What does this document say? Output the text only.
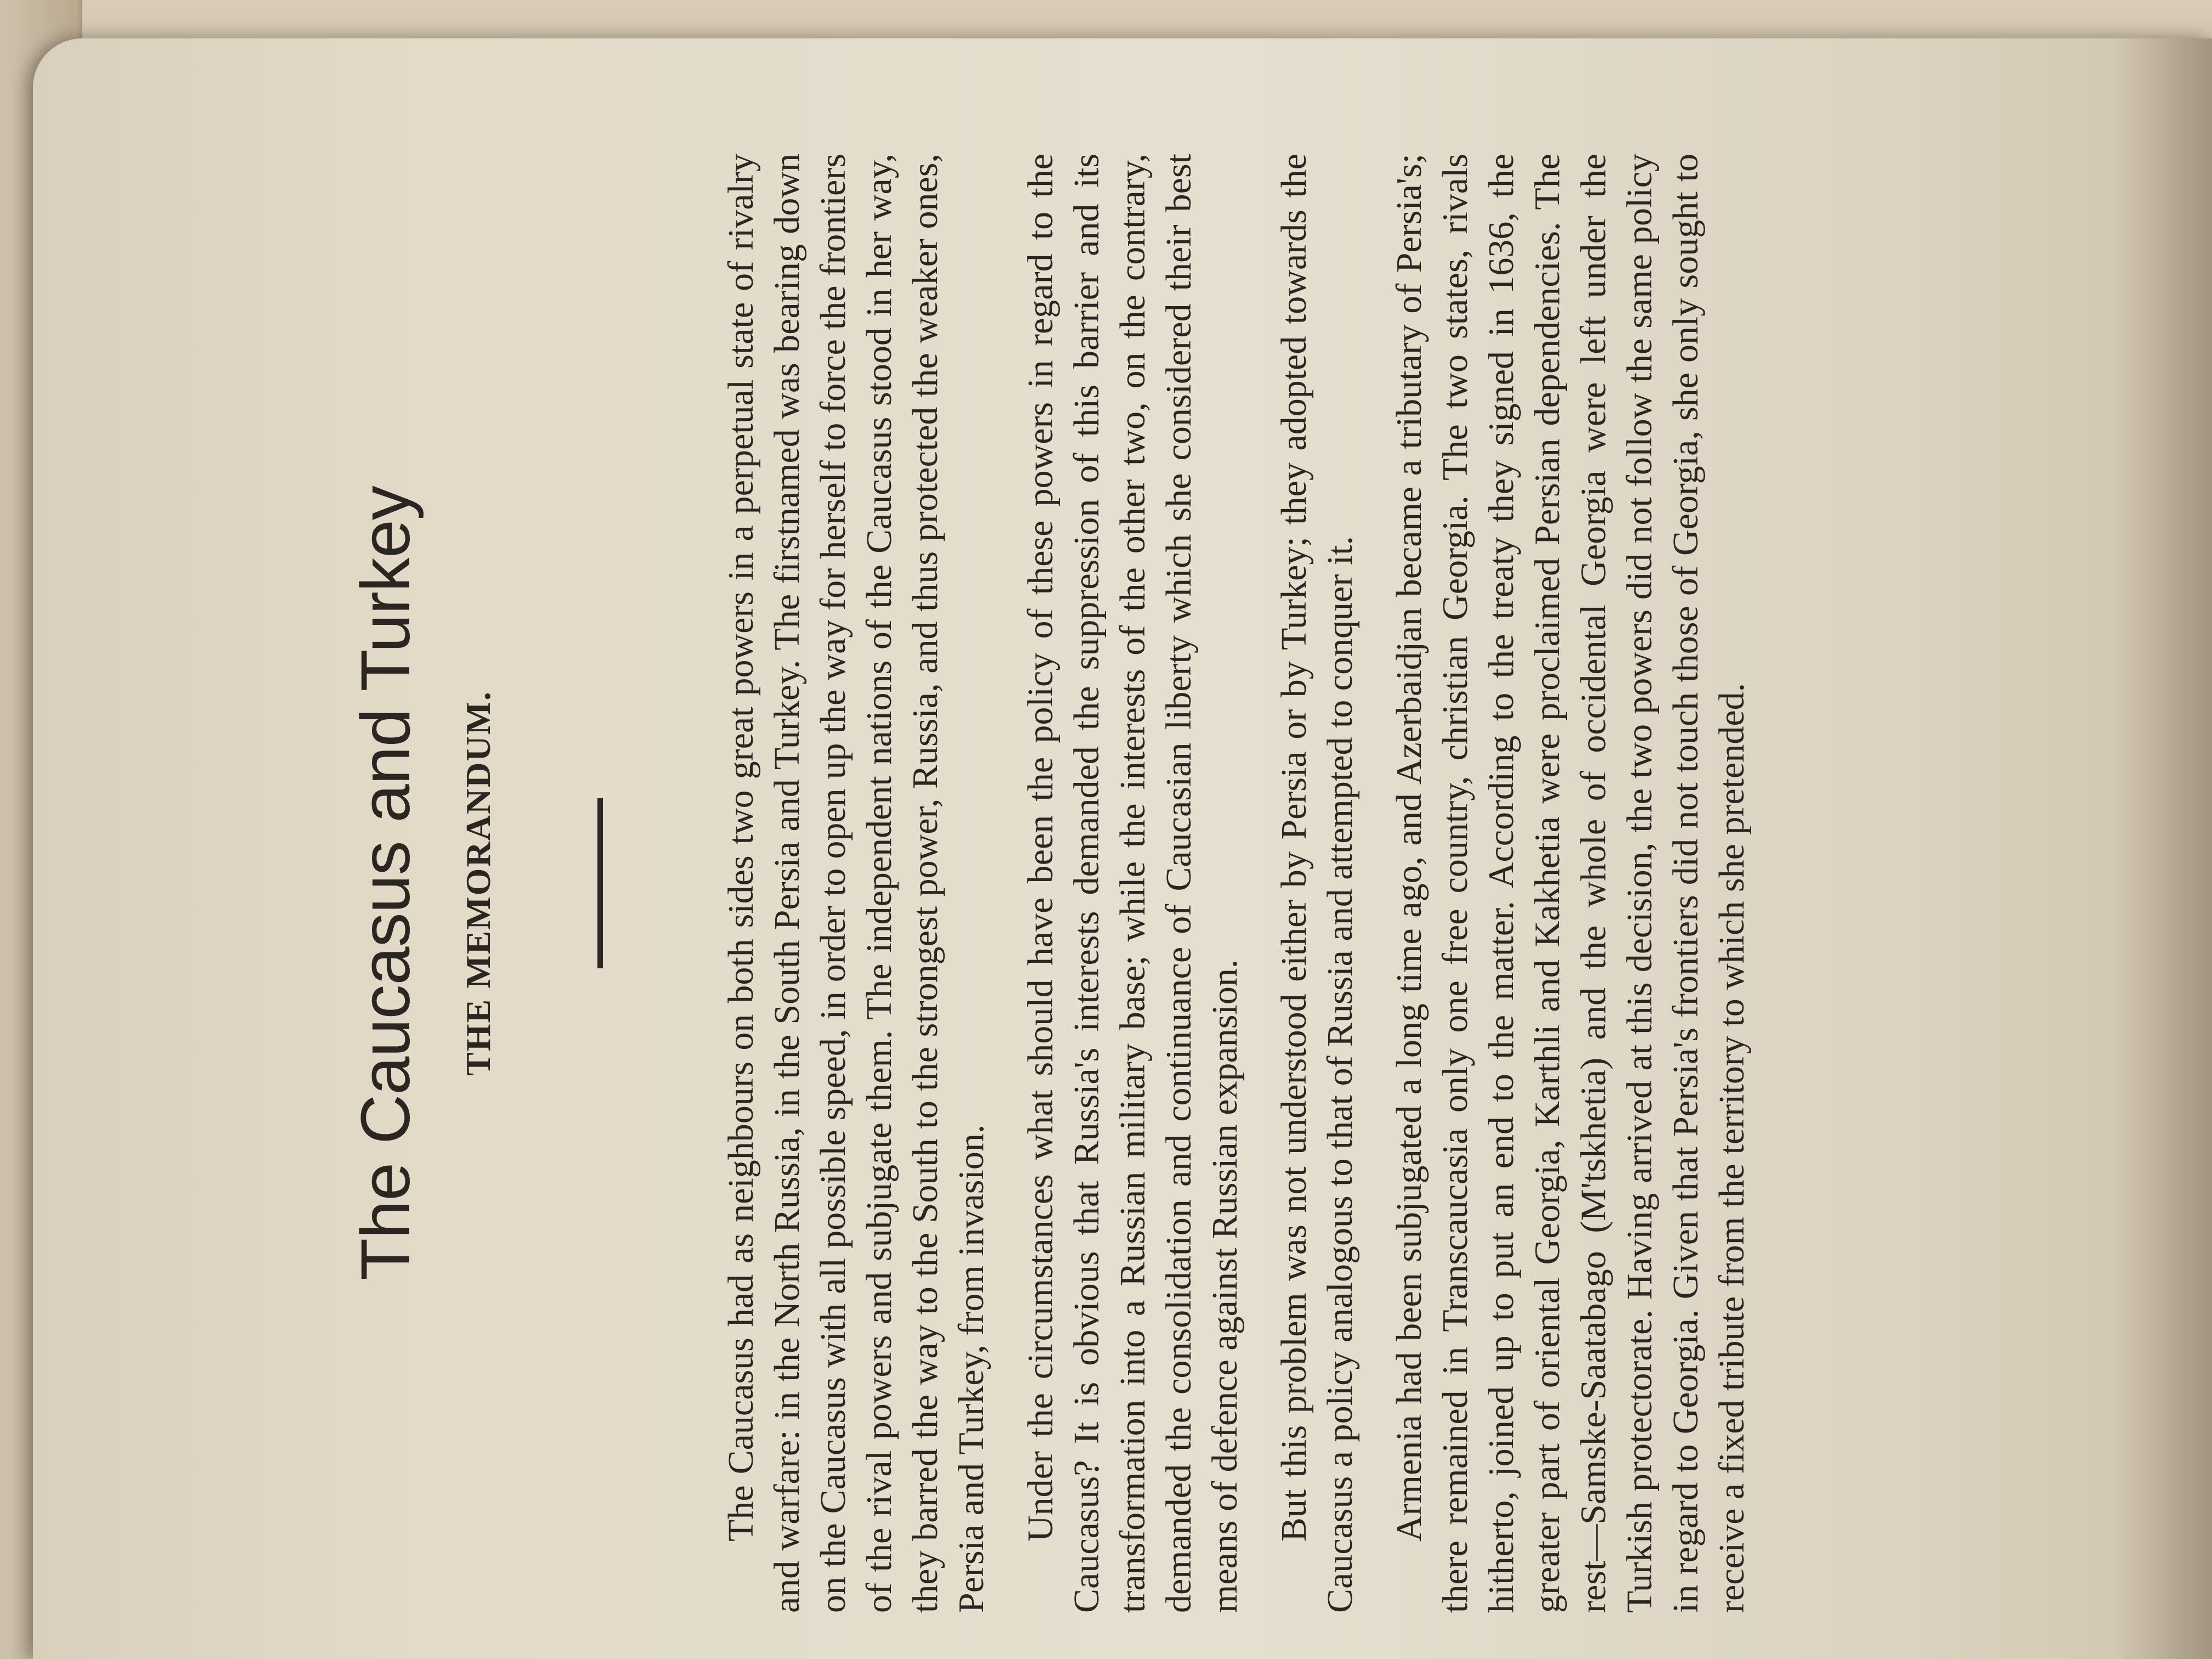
The Caucasus and Turkey THE MEMORANDUM.	The Caucasus had as neighbours on both sides two great powers in a perpetual state of rivalry and warfare: in the North Russia, in the South Persia and Turkey. The firstnamed was bearing down on the Caucasus with all possible speed, in order to open up the way for herself to force the frontiers of the rival powers and subjugate them. The independent nations of the Caucasus stood in her way, they barred the way to the South to the strongest power, Russia, and thus protected the weaker ones, Persia and Turkey, from invasion. Under the circumstances what should have been the policy of these powers in regard to the Caucasus? It is obvious that Russia's interests demanded the suppression of this barrier and its transformation into a Russian military base; while the interests of the other two, on the contrary, demanded the consolidation and continuance of Caucasian liberty which she considered their best means of defence against Russian expansion. But this problem was not understood either by Persia or by Turkey; they adopted towards the Caucasus a policy analogous to that of Russia and attempted to conquer it. Armenia had been subjugated a long time ago, and Azerbaidjan became a tributary of Persia's; there remained in Transcaucasia only one free country, christian Georgia. The two states, rivals hitherto, joined up to put an end to the matter. According to the treaty they signed in 1636, the greater part of oriental Georgia, Karthli and Kakhetia were proclaimed Persian dependencies. The rest—Samske-Saatabago (M'tskhetia) and the whole of occidental Georgia were left under the Turkish protectorate. Having arrived at this decision, the two powers did not follow the same policy in regard to Georgia. Given that Persia's frontiers did not touch those of Georgia, she only sought to receive a fixed tribute from the territory to which she pretended.
